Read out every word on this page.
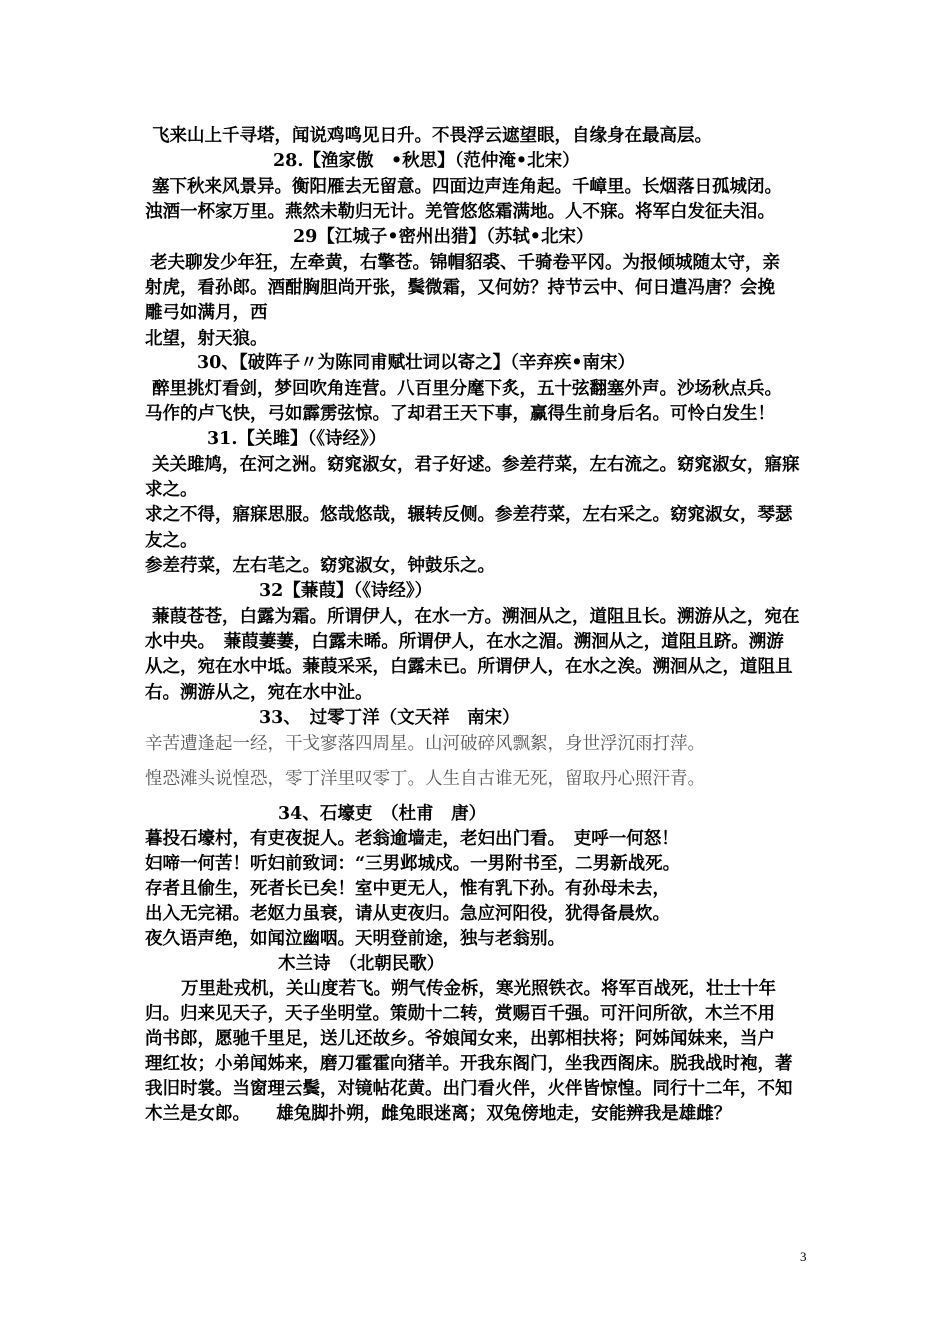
飞来山上千寻塔，闻说鸡鸣见日升。不畏浮云遮望眼，自缘身在最高层。
28.【渔家傲　•秋思】（范仲淹•北宋）
塞下秋来风景异。衡阳雁去无留意。四面边声连角起。千嶂里。长烟落日孤城闭。
浊酒一杯家万里。燕然未勒归无计。羌管悠悠霜满地。人不寐。将军白发征夫泪。
29【江城子•密州出猎】（苏轼•北宋）
老夫聊发少年狂，左牵黄，右擎苍。锦帽貂裘、千骑卷平冈。为报倾城随太守，亲
射虎，看孙郎。酒酣胸胆尚开张，鬓微霜，又何妨？持节云中、何日遣冯唐？会挽
雕弓如满月，西
北望，射天狼。
30、【破阵子〃为陈同甫赋壮词以寄之】（辛弃疾•南宋）
醉里挑灯看剑，梦回吹角连营。八百里分麾下炙，五十弦翻塞外声。沙场秋点兵。
马作的卢飞快，弓如霹雳弦惊。了却君王天下事，赢得生前身后名。可怜白发生！
31.【关雎】（《诗经》）
关关雎鸠，在河之洲。窈窕淑女，君子好逑。参差荇菜，左右流之。窈窕淑女，寤寐
求之。
求之不得，寤寐思服。悠哉悠哉，辗转反侧。参差荇菜，左右采之。窈窕淑女，琴瑟
友之。
参差荇菜，左右芼之。窈窕淑女，钟鼓乐之。
32【蒹葭】（《诗经》）
蒹葭苍苍，白露为霜。所谓伊人，在水一方。溯洄从之，道阻且长。溯游从之，宛在
水中央。　蒹葭萋萋，白露未晞。所谓伊人，在水之湄。溯洄从之，道阻且跻。溯游
从之，宛在水中坻。蒹葭采采，白露未已。所谓伊人，在水之涘。溯洄从之，道阻且
右。溯游从之，宛在水中沚。
33、　过零丁洋（文天祥　南宋）
辛苦遭逢起一经，干戈寥落四周星。山河破碎风飘絮，身世浮沉雨打萍。
惶恐滩头说惶恐，零丁洋里叹零丁。人生自古谁无死，留取丹心照汗青。
34、石壕吏　（杜甫　唐）
暮投石壕村，有吏夜捉人。老翁逾墙走，老妇出门看。　吏呼一何怒！
妇啼一何苦！听妇前致词：“三男邺城戍。一男附书至，二男新战死。
存者且偷生，死者长已矣！室中更无人，惟有乳下孙。有孙母未去，
出入无完裙。老妪力虽衰，请从吏夜归。急应河阳役，犹得备晨炊。
夜久语声绝，如闻泣幽咽。天明登前途，独与老翁别。
木兰诗　（北朝民歌）
万里赴戎机，关山度若飞。朔气传金柝，寒光照铁衣。将军百战死，壮士十年
归。归来见天子，天子坐明堂。策勋十二转，赏赐百千强。可汗问所欲，木兰不用
尚书郎，愿驰千里足，送儿还故乡。爷娘闻女来，出郭相扶将；阿姊闻妹来，当户
理红妆；小弟闻姊来，磨刀霍霍向猪羊。开我东阁门，坐我西阁床。脱我战时袍，著
我旧时裳。当窗理云鬓，对镜帖花黄。出门看火伴，火伴皆惊惶。同行十二年，不知
木兰是女郎。　　雄兔脚扑朔，雌兔眼迷离；双兔傍地走，安能辨我是雄雌？
3
